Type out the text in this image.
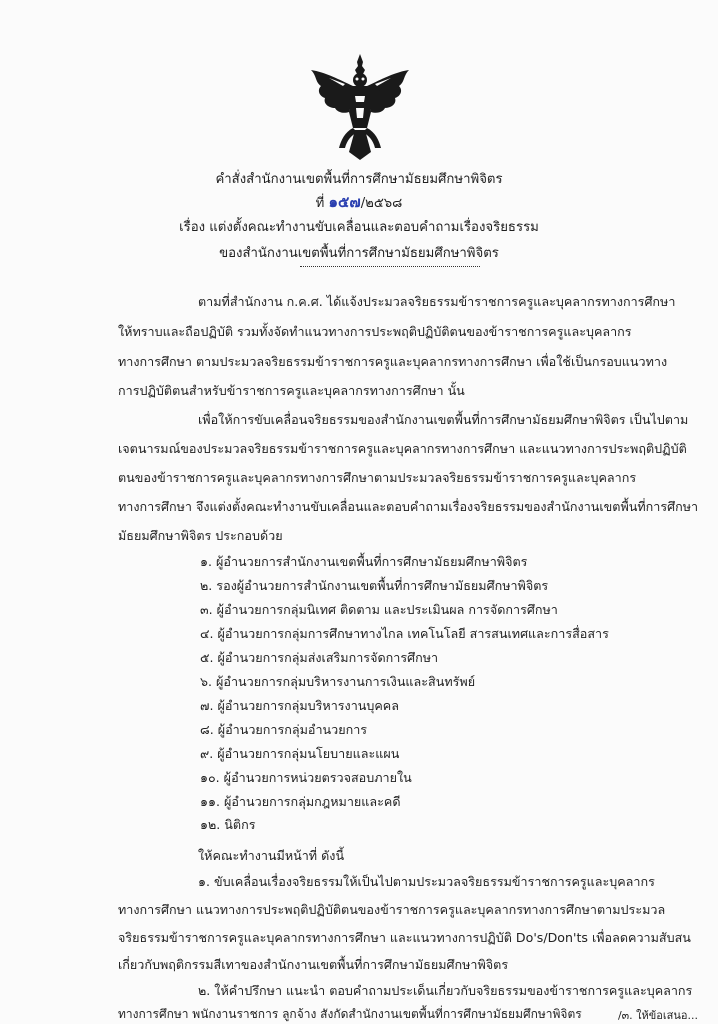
คำสั่งสำนักงานเขตพื้นที่การศึกษามัธยมศึกษาพิจิตร
ที่ ๑๕๗/๒๕๖๘
เรื่อง แต่งตั้งคณะทำงานขับเคลื่อนและตอบคำถามเรื่องจริยธรรม
ของสำนักงานเขตพื้นที่การศึกษามัธยมศึกษาพิจิตร
ตามที่สำนักงาน ก.ค.ศ. ได้แจ้งประมวลจริยธรรมข้าราชการครูและบุคลากรทางการศึกษา
ให้ทราบและถือปฏิบัติ รวมทั้งจัดทำแนวทางการประพฤติปฏิบัติตนของข้าราชการครูและบุคลากร
ทางการศึกษา ตามประมวลจริยธรรมข้าราชการครูและบุคลากรทางการศึกษา เพื่อใช้เป็นกรอบแนวทาง
การปฏิบัติตนสำหรับข้าราชการครูและบุคลากรทางการศึกษา นั้น
เพื่อให้การขับเคลื่อนจริยธรรมของสำนักงานเขตพื้นที่การศึกษามัธยมศึกษาพิจิตร เป็นไปตาม
เจตนารมณ์ของประมวลจริยธรรมข้าราชการครูและบุคลากรทางการศึกษา และแนวทางการประพฤติปฏิบัติ
ตนของข้าราชการครูและบุคลากรทางการศึกษาตามประมวลจริยธรรมข้าราชการครูและบุคลากร
ทางการศึกษา จึงแต่งตั้งคณะทำงานขับเคลื่อนและตอบคำถามเรื่องจริยธรรมของสำนักงานเขตพื้นที่การศึกษา
มัธยมศึกษาพิจิตร ประกอบด้วย
๑. ผู้อำนวยการสำนักงานเขตพื้นที่การศึกษามัธยมศึกษาพิจิตร
๒. รองผู้อำนวยการสำนักงานเขตพื้นที่การศึกษามัธยมศึกษาพิจิตร
๓. ผู้อำนวยการกลุ่มนิเทศ ติดตาม และประเมินผล การจัดการศึกษา
๔. ผู้อำนวยการกลุ่มการศึกษาทางไกล เทคโนโลยี สารสนเทศและการสื่อสาร
๕. ผู้อำนวยการกลุ่มส่งเสริมการจัดการศึกษา
๖. ผู้อำนวยการกลุ่มบริหารงานการเงินและสินทรัพย์
๗. ผู้อำนวยการกลุ่มบริหารงานบุคคล
๘. ผู้อำนวยการกลุ่มอำนวยการ
๙. ผู้อำนวยการกลุ่มนโยบายและแผน
๑๐. ผู้อำนวยการหน่วยตรวจสอบภายใน
๑๑. ผู้อำนวยการกลุ่มกฎหมายและคดี
๑๒. นิติกร
ให้คณะทำงานมีหน้าที่ ดังนี้
๑. ขับเคลื่อนเรื่องจริยธรรมให้เป็นไปตามประมวลจริยธรรมข้าราชการครูและบุคลากร
ทางการศึกษา แนวทางการประพฤติปฏิบัติตนของข้าราชการครูและบุคลากรทางการศึกษาตามประมวล
จริยธรรมข้าราชการครูและบุคลากรทางการศึกษา และแนวทางการปฏิบัติ Do's/Don'ts เพื่อลดความสับสน
เกี่ยวกับพฤติกรรมสีเทาของสำนักงานเขตพื้นที่การศึกษามัธยมศึกษาพิจิตร
๒. ให้คำปรึกษา แนะนำ ตอบคำถามประเด็นเกี่ยวกับจริยธรรมของข้าราชการครูและบุคลากร
ทางการศึกษา พนักงานราชการ ลูกจ้าง สังกัดสำนักงานเขตพื้นที่การศึกษามัธยมศึกษาพิจิตร	/๓. ให้ข้อเสนอ...
